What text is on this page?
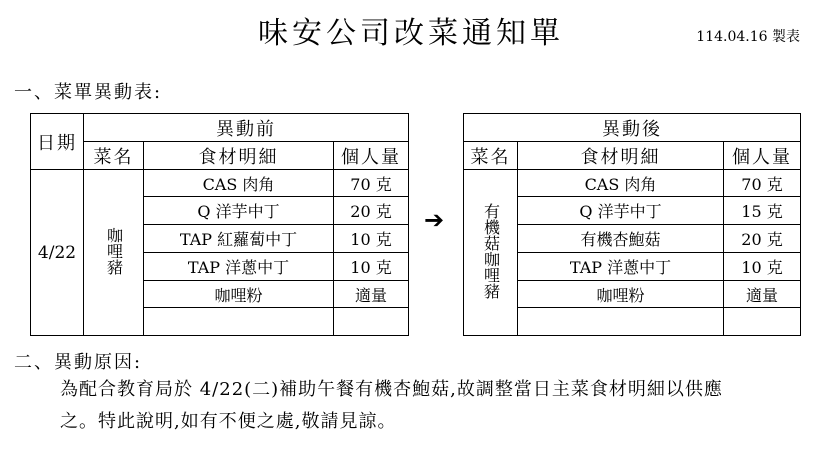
味安公司改菜通知單	114.04.16 製表
一、菜單異動表:
日期	異動前		
	菜名	食材明細	個人量
4/22	咖哩豬	CAS 肉角	70 克
		Q 洋芋中丁	20 克
		TAP 紅蘿蔔中丁	10 克
		TAP 洋蔥中丁	10 克
		咖哩粉	適量

➔
異動後		
菜名	食材明細	個人量
有機菇咖哩豬	CAS 肉角	70 克
	Q 洋芋中丁	15 克
	有機杏鮑菇	20 克
	TAP 洋蔥中丁	10 克
	咖哩粉	適量

二、異動原因:
為配合教育局於 4/22(二)補助午餐有機杏鮑菇,故調整當日主菜食材明細以供應
之。特此說明,如有不便之處,敬請見諒。
